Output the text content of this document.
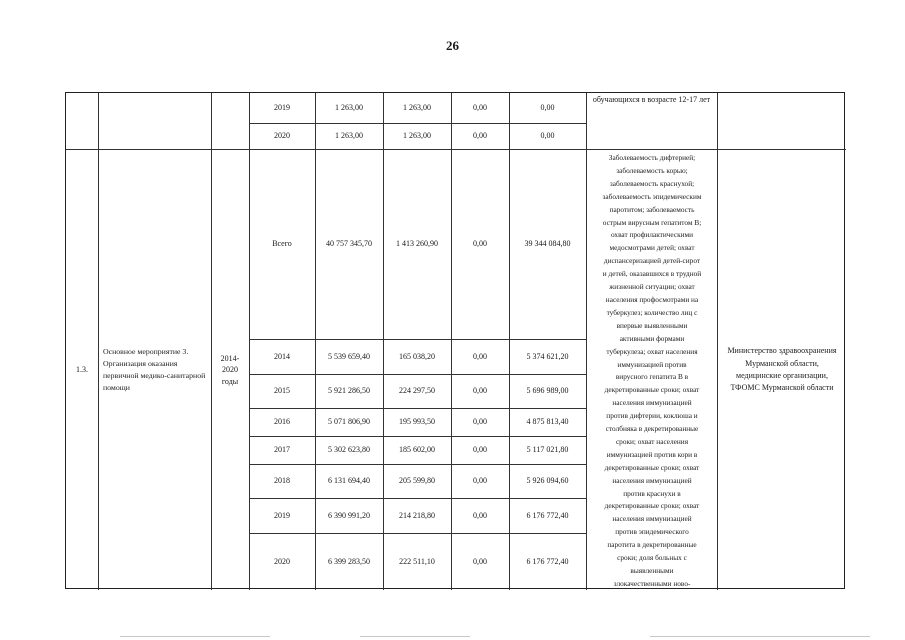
26
2019	1 263,00	1 263,00	0,00	0,00
2020	1 263,00	1 263,00	0,00	0,00
обучающихся в возрасте 12-17 лет
1.3.
Основное мероприятие 3. Организация оказания первичной медико-санитарной помощи
2014-2020 годы
Всего	40 757 345,70	1 413 260,90	0,00	39 344 084,80
2014	5 539 659,40	165 038,20	0,00	5 374 621,20
2015	5 921 286,50	224 297,50	0,00	5 696 989,00
2016	5 071 806,90	195 993,50	0,00	4 875 813,40
2017	5 302 623,80	185 602,00	0,00	5 117 021,80
2018	6 131 694,40	205 599,80	0,00	5 926 094,60
2019	6 390 991,20	214 218,80	0,00	6 176 772,40
2020	6 399 283,50	222 511,10	0,00	6 176 772,40
Заболеваемость дифтерией;
заболеваемость корью;
заболеваемость краснухой;
заболеваемость эпидемическим
паротитом; заболеваемость
острым вирусным гепатитом В;
охват профилактическими
медосмотрами детей; охват
диспансеризацией детей-сирот
и детей, оказавшихся в трудной
жизненной ситуации; охват
населения профосмотрами на
туберкулез; количество лиц с
впервые выявленными
активными формами
туберкулеза; охват населения
иммунизацией против
вирусного гепатита В в
декретированные сроки; охват
населения иммунизацией
против дифтерии, коклюша и
столбняка в декретированные
сроки; охват населения
иммунизацией против кори в
декретированные сроки; охват
населения иммунизацией
против краснухи в
декретированные сроки; охват
населения иммунизацией
против эпидемического
паротита в декретированные
сроки; доля больных с
выявленными
злокачественными ново-
Министерство здравоохранения Мурманской области, медицинские организации, ТФОМС Мурманской области
